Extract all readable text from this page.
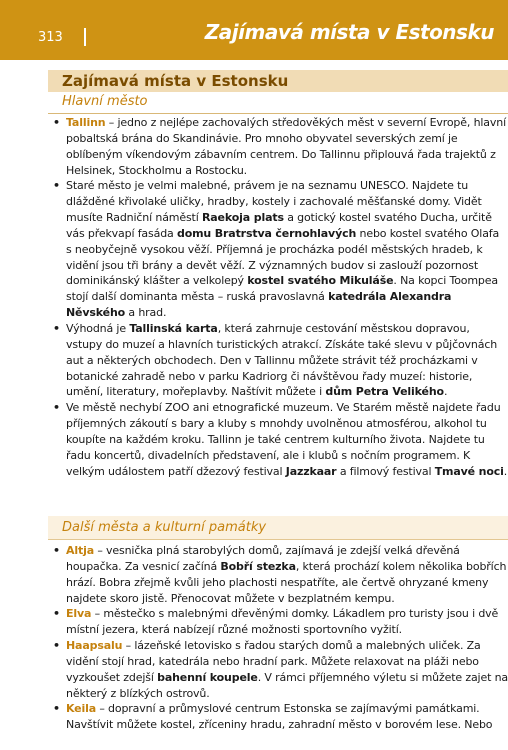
313	Zajímavá místa v Estonsku
Zajímavá místa v Estonsku
Hlavní město
• Tallinn – jedno z nejlépe zachovalých středověkých měst v severní Evropě, hlavní pobaltská brána do Skandinávie. Pro mnoho obyvatel severských zemí je oblíbeným víkendovým zábavním centrem. Do Tallinnu připlouvá řada trajektů z Helsinek, Stockholmu a Rostocku.
• Staré město je velmi malebné, právem je na seznamu UNESCO. Najdete tu dlážděné křivolaké uličky, hradby, kostely i zachovalé měšťanské domy. Vidět musíte Radniční náměstí Raekoja plats a gotický kostel svatého Ducha, určitě vás překvapí fasáda domu Bratrstva černohlavých nebo kostel svatého Olafa s neobyčejně vysokou věží. Příjemná je procházka podél městských hradeb, k vidění jsou tři brány a devět věží. Z významných budov si zaslouží pozornost dominikánský klášter a velkolepý kostel svatého Mikuláše. Na kopci Toompea stojí další dominanta města – ruská pravoslavná katedrála Alexandra Něvského a hrad.
• Výhodná je Tallinská karta, která zahrnuje cestování městskou dopravou, vstupy do muzeí a hlavních turistických atrakcí. Získáte také slevu v půjčovnách aut a některých obchodech. Den v Tallinnu můžete strávit též procházkami v botanické zahradě nebo v parku Kadriorg či návštěvou řady muzeí: historie, umění, literatury, mořeplavby. Naštívit můžete i dům Petra Velikého.
• Ve městě nechybí ZOO ani etnografické muzeum. Ve Starém městě najdete řadu příjemných zákoutí s bary a kluby s mnohdy uvolněnou atmosférou, alkohol tu koupíte na každém kroku. Tallinn je také centrem kulturního života. Najdete tu řadu koncertů, divadelních představení, ale i klubů s nočním programem. K velkým událostem patří džezový festival Jazzkaar a filmový festival Tmavé noci.
Další města a kulturní památky
• Altja – vesnička plná starobylých domů, zajímavá je zdejší velká dřevěná houpačka. Za vesnicí začíná Bobří stezka, která prochází kolem několika bobřích hrází. Bobra zřejmě kvůli jeho plachosti nespatříte, ale čertvě ohryzané kmeny najdete skoro jistě. Přenocovat můžete v bezplatném kempu.
• Elva – městečko s malebnými dřevěnými domky. Lákadlem pro turisty jsou i dvě místní jezera, která nabízejí různé možnosti sportovního vyžití.
• Haapsalu – lázeňské letovisko s řadou starých domů a malebných uliček. Za vidění stojí hrad, katedrála nebo hradní park. Můžete relaxovat na pláži nebo vyzkoušet zdejší bahenní koupele. V rámci příjemného výletu si můžete zajet na některý z blízkých ostrovů.
• Keila – dopravní a průmyslové centrum Estonska se zajímavými památkami. Navštívit můžete kostel, zříceniny hradu, zahradní město v borovém lese. Nebo
